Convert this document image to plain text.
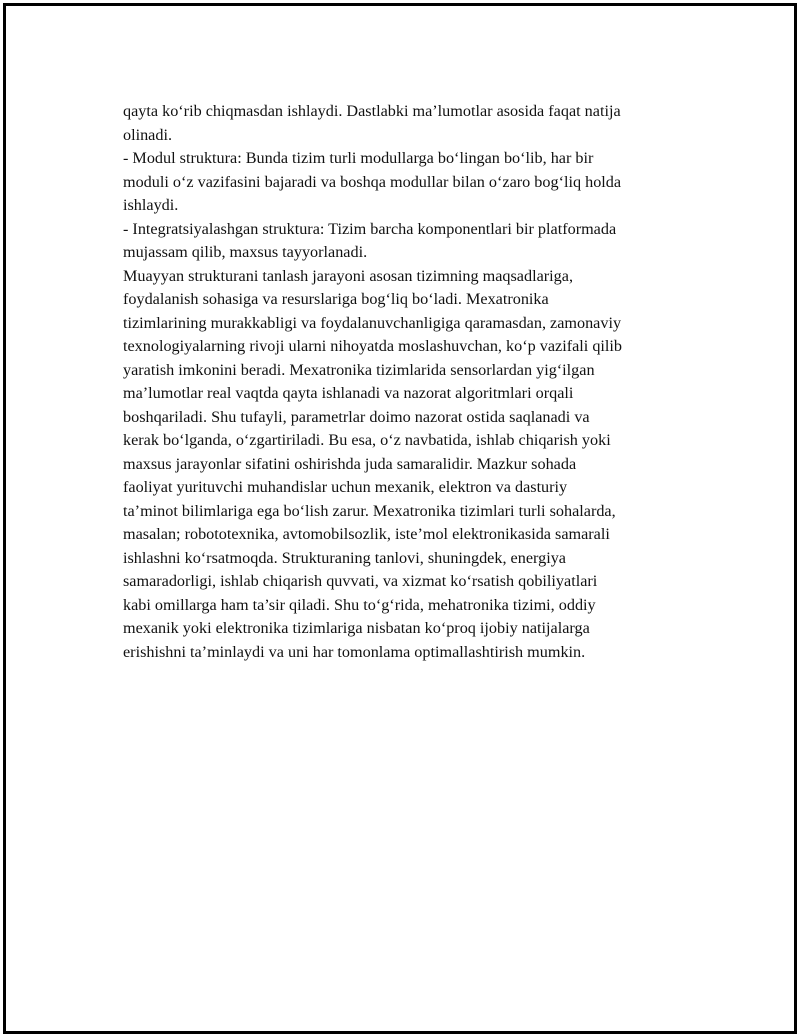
qayta ko‘rib chiqmasdan ishlaydi. Dastlabki ma’lumotlar asosida faqat natija
olinadi.
- Modul struktura: Bunda tizim turli modullarga bo‘lingan bo‘lib, har bir
moduli o‘z vazifasini bajaradi va boshqa modullar bilan o‘zaro bog‘liq holda
ishlaydi.
- Integratsiyalashgan struktura: Tizim barcha komponentlari bir platformada
mujassam qilib, maxsus tayyorlanadi.
Muayyan strukturani tanlash jarayoni asosan tizimning maqsadlariga,
foydalanish sohasiga va resurslariga bog‘liq bo‘ladi. Mexatronika
tizimlarining murakkabligi va foydalanuvchanligiga qaramasdan, zamonaviy
texnologiyalarning rivoji ularni nihoyatda moslashuvchan, ko‘p vazifali qilib
yaratish imkonini beradi. Mexatronika tizimlarida sensorlardan yig‘ilgan
ma’lumotlar real vaqtda qayta ishlanadi va nazorat algoritmlari orqali
boshqariladi. Shu tufayli, parametrlar doimo nazorat ostida saqlanadi va
kerak bo‘lganda, o‘zgartiriladi. Bu esa, o‘z navbatida, ishlab chiqarish yoki
maxsus jarayonlar sifatini oshirishda juda samaralidir. Mazkur sohada
faoliyat yurituvchi muhandislar uchun mexanik, elektron va dasturiy
ta’minot bilimlariga ega bo‘lish zarur. Mexatronika tizimlari turli sohalarda,
masalan; robototexnika, avtomobilsozlik, iste’mol elektronikasida samarali
ishlashni ko‘rsatmoqda. Strukturaning tanlovi, shuningdek, energiya
samaradorligi, ishlab chiqarish quvvati, va xizmat ko‘rsatish qobiliyatlari
kabi omillarga ham ta’sir qiladi. Shu to‘g‘rida, mehatronika tizimi, oddiy
mexanik yoki elektronika tizimlariga nisbatan ko‘proq ijobiy natijalarga
erishishni ta’minlaydi va uni har tomonlama optimallashtirish mumkin.
